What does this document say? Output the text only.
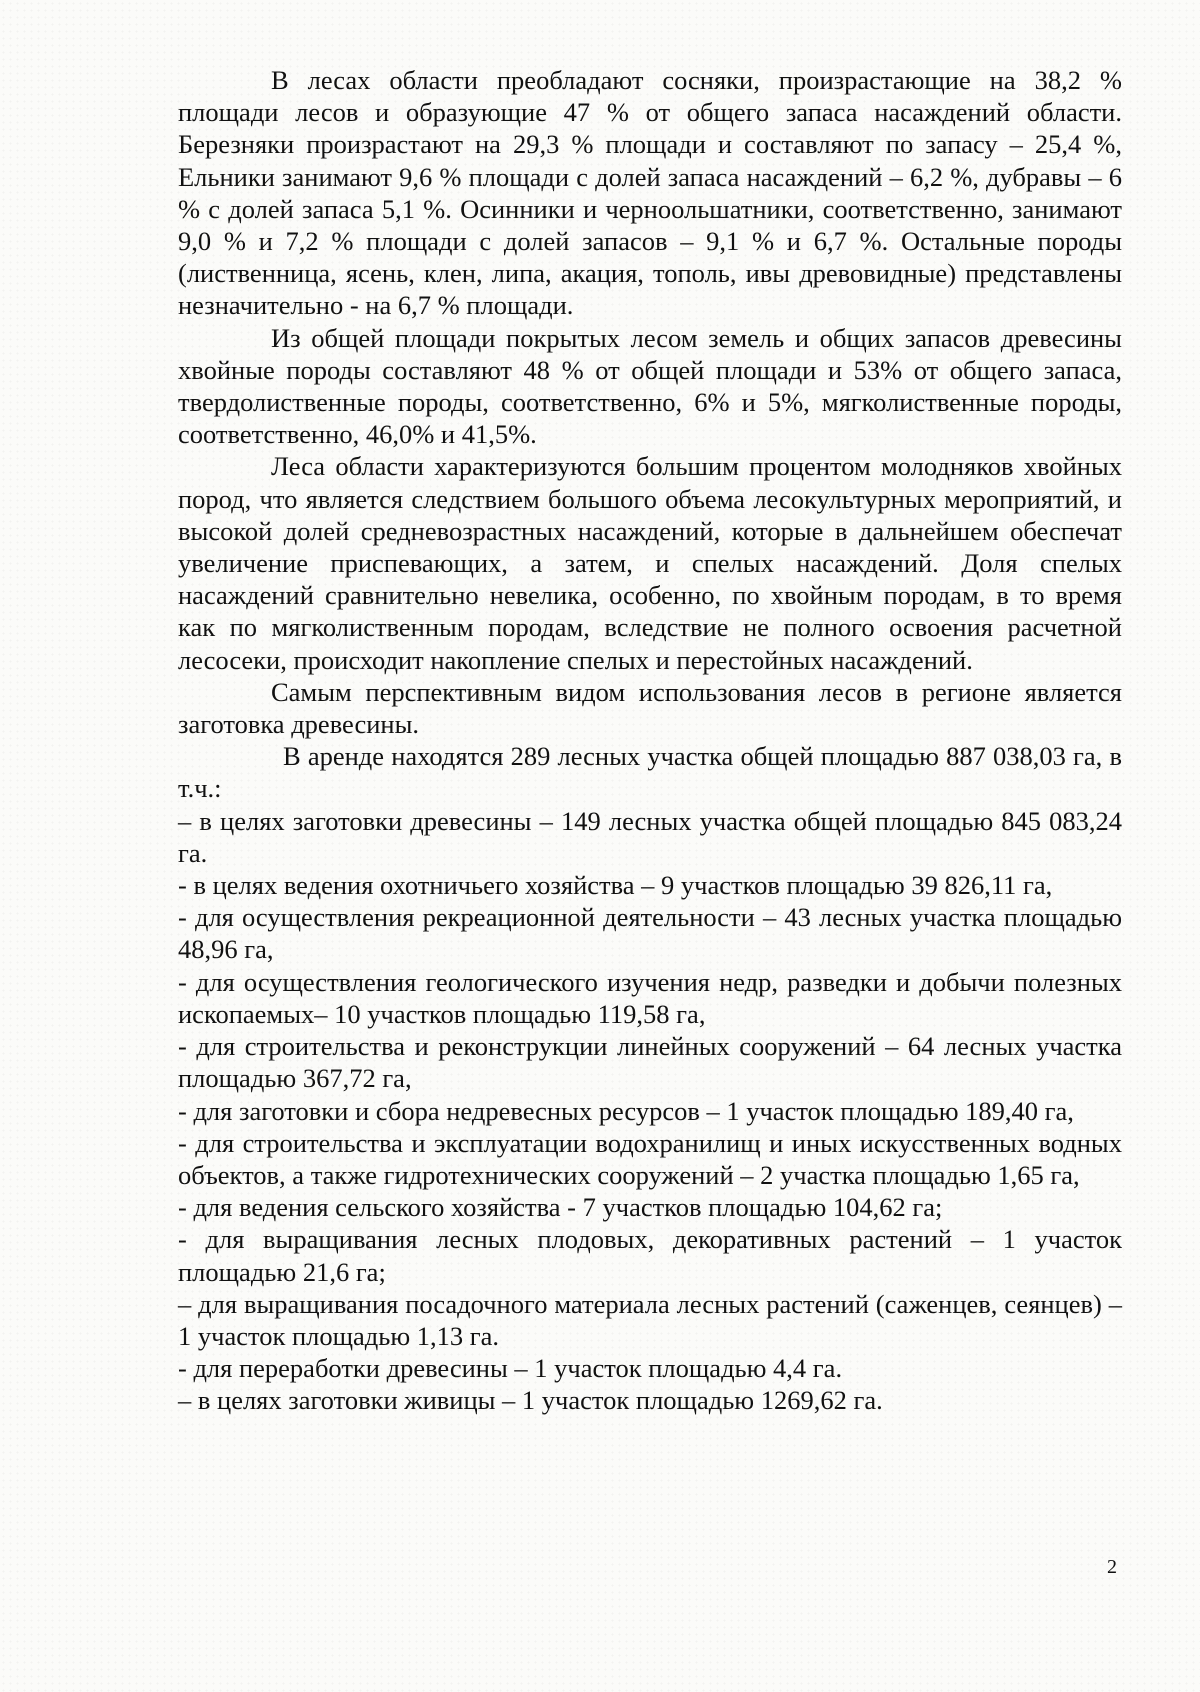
В лесах области преобладают сосняки, произрастающие на 38,2 % площади лесов и образующие 47 % от общего запаса насаждений области. Березняки произрастают на 29,3 % площади и составляют по запасу – 25,4 %, Ельники занимают 9,6 % площади с долей запаса насаждений – 6,2 %, дубравы – 6 % с долей запаса 5,1 %. Осинники и черноольшатники, соответственно, занимают 9,0 % и 7,2 % площади с долей запасов – 9,1 % и 6,7 %. Остальные породы (лиственница, ясень, клен, липа, акация, тополь, ивы древовидные) представлены незначительно - на 6,7 % площади.

Из общей площади покрытых лесом земель и общих запасов древесины хвойные породы составляют 48 % от общей площади и 53% от общего запаса, твердолиственные породы, соответственно, 6% и 5%, мягколиственные породы, соответственно, 46,0% и 41,5%.

Леса области характеризуются большим процентом молодняков хвойных пород, что является следствием большого объема лесокультурных мероприятий, и высокой долей средневозрастных насаждений, которые в дальнейшем обеспечат увеличение приспевающих, а затем, и спелых насаждений. Доля спелых насаждений сравнительно невелика, особенно, по хвойным породам, в то время как по мягколиственным породам, вследствие не полного освоения расчетной лесосеки, происходит накопление спелых и перестойных насаждений.

Самым перспективным видом использования лесов в регионе является заготовка древесины.

В аренде находятся 289 лесных участка общей площадью 887 038,03 га, в т.ч.:

– в целях заготовки древесины – 149 лесных участка общей площадью 845 083,24 га.

- в целях ведения охотничьего хозяйства – 9 участков площадью 39 826,11 га,

- для осуществления рекреационной деятельности – 43 лесных участка площадью 48,96 га,

- для осуществления геологического изучения недр, разведки и добычи полезных ископаемых– 10 участков площадью 119,58 га,

- для строительства и реконструкции линейных сооружений – 64 лесных участка площадью 367,72 га,

- для заготовки и сбора недревесных ресурсов – 1 участок площадью 189,40 га,

- для строительства и эксплуатации водохранилищ и иных искусственных водных объектов, а также гидротехнических сооружений – 2 участка площадью 1,65 га,

- для ведения сельского хозяйства - 7 участков площадью 104,62 га;

- для выращивания лесных плодовых, декоративных растений – 1 участок площадью 21,6 га;

– для выращивания посадочного материала лесных растений (саженцев, сеянцев) – 1 участок площадью 1,13 га.

- для переработки древесины – 1 участок площадью 4,4 га.

– в целях заготовки живицы – 1 участок площадью 1269,62 га.

2
